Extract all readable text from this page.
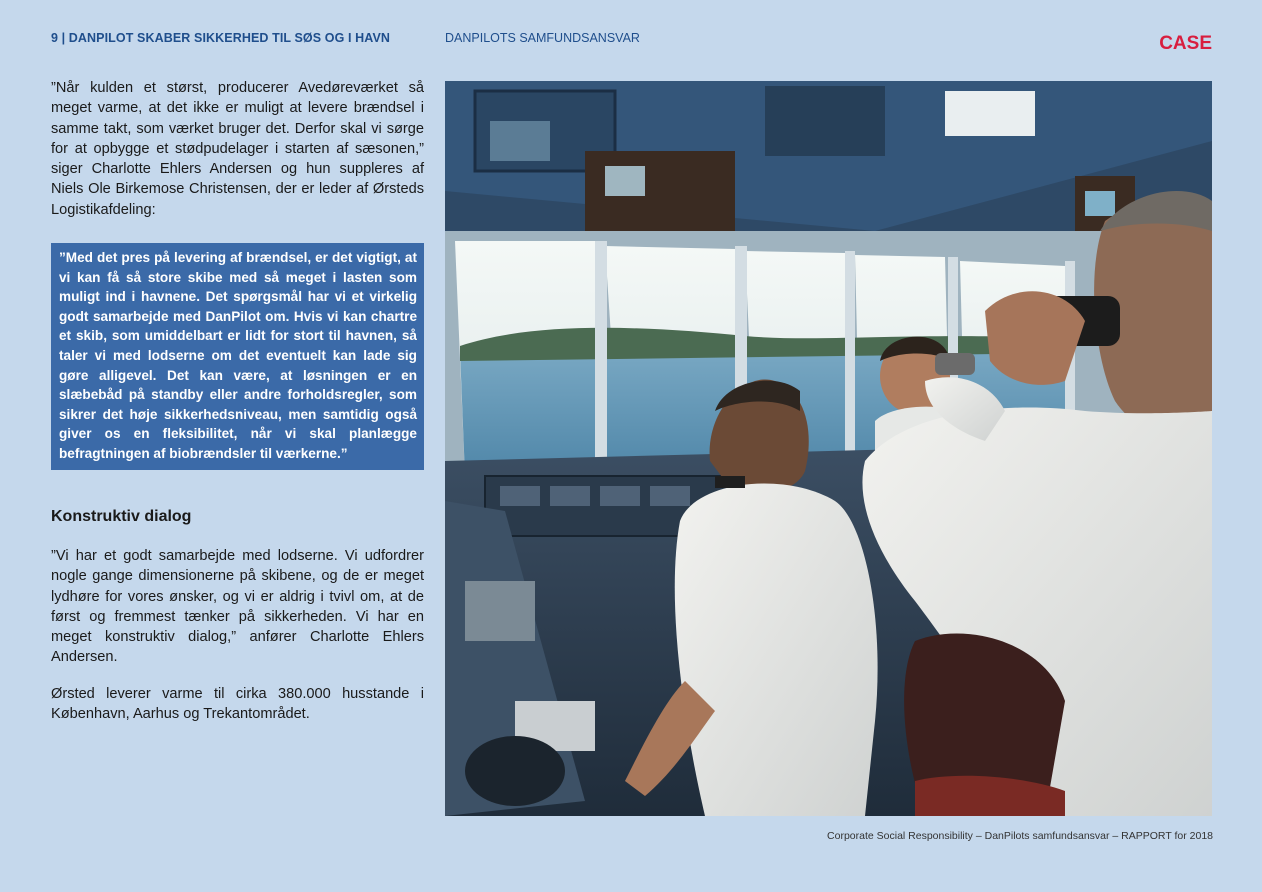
9 | DANPILOT SKABER SIKKERHED TIL SØS OG I HAVN	DANPILOTS SAMFUNDSANSVAR	CASE

”Når kulden et størst, producerer Avedøreværket så meget varme, at det ikke er muligt at levere brændsel i samme takt, som værket bruger det. Derfor skal vi sørge for at opbygge et stødpudelager i starten af sæsonen,” siger Charlotte Ehlers Andersen og hun suppleres af Niels Ole Birkemose Christensen, der er leder af Ørsteds Logistikafdeling:

”Med det pres på levering af brændsel, er det vigtigt, at vi kan få så store skibe med så meget i lasten som muligt ind i havnene. Det spørgsmål har vi et virkelig godt samarbejde med DanPilot om. Hvis vi kan chartre et skib, som umiddelbart er lidt for stort til havnen, så taler vi med lodserne om det eventuelt kan lade sig gøre alligevel. Det kan være, at løsningen er en slæbebåd på standby eller andre forholdsregler, som sikrer det høje sikkerhedsniveau, men samtidig også giver os en fleksibilitet, når vi skal planlægge befragtningen af biobrændsler til værkerne.”
Konstruktiv dialog

”Vi har et godt samarbejde med lodserne. Vi udfordrer nogle gange dimensionerne på skibene, og de er meget lydhøre for vores ønsker, og vi er aldrig i tvivl om, at de først og fremmest tænker på sikkerheden. Vi har en meget konstruktiv dialog,” anfører Charlotte Ehlers Andersen.

Ørsted leverer varme til cirka 380.000 husstande i København, Aarhus og Trekantområdet.

Corporate Social Responsibility – DanPilots samfundsansvar – RAPPORT for 2018
